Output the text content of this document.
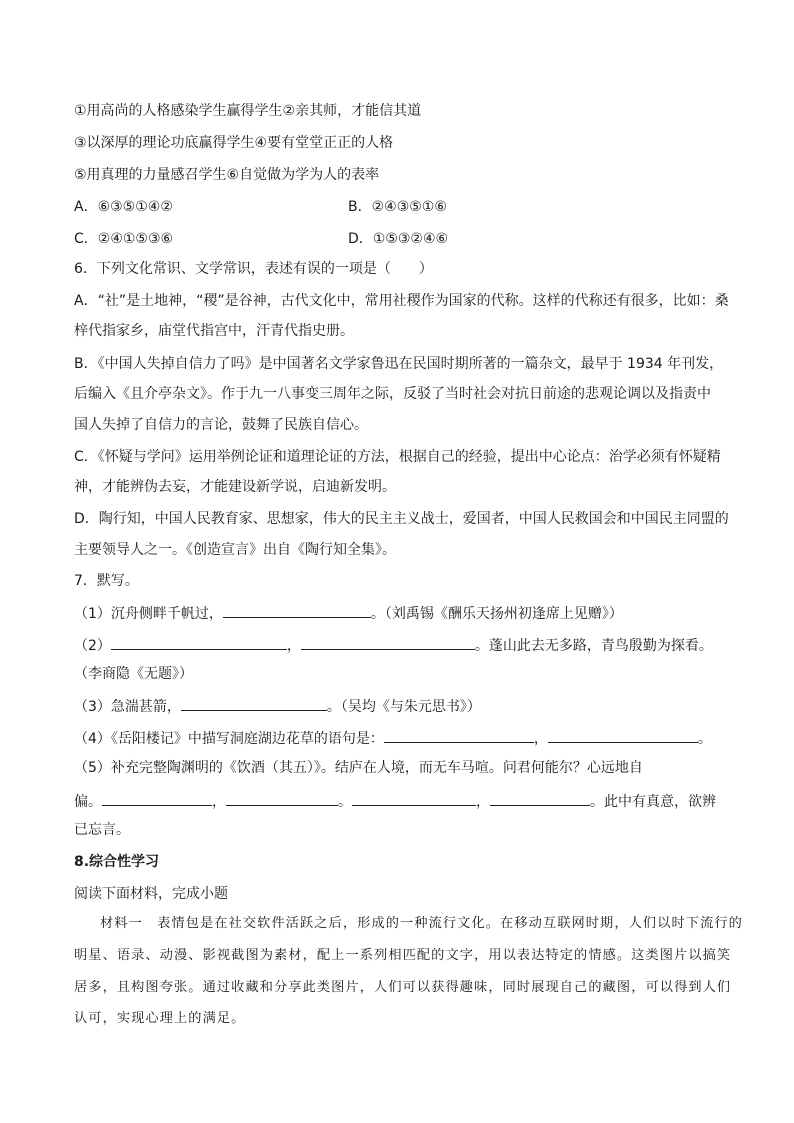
①用高尚的人格感染学生赢得学生②亲其师，才能信其道
③以深厚的理论功底赢得学生④要有堂堂正正的人格
⑤用真理的力量感召学生⑥自觉做为学为人的表率
A．⑥③⑤①④②	B．②④③⑤①⑥
C．②④①⑤③⑥	D．①⑤③②④⑥
6．下列文化常识、文学常识，表述有误的一项是（　　）
A．“社”是土地神，“稷”是谷神，古代文化中，常用社稷作为国家的代称。这样的代称还有很多，比如：桑
梓代指家乡，庙堂代指宫中，汗青代指史册。
B．《中国人失掉自信力了吗》是中国著名文学家鲁迅在民国时期所著的一篇杂文，最早于 1934 年刊发，
后编入《且介亭杂文》。作于九一八事变三周年之际，反驳了当时社会对抗日前途的悲观论调以及指责中
国人失掉了自信力的言论，鼓舞了民族自信心。
C．《怀疑与学问》运用举例论证和道理论证的方法，根据自己的经验，提出中心论点：治学必须有怀疑精
神，才能辨伪去妄，才能建设新学说，启迪新发明。
D．陶行知，中国人民教育家、思想家，伟大的民主主义战士，爱国者，中国人民救国会和中国民主同盟的
主要领导人之一。《创造宣言》出自《陶行知全集》。
7．默写。
（1）沉舟侧畔千帆过，	。（刘禹锡《酬乐天扬州初逢席上见赠》）
（2）	，	。蓬山此去无多路，青鸟殷勤为探看。
（李商隐《无题》）
（3）急湍甚箭，	。（吴均《与朱元思书》）
（4）《岳阳楼记》中描写洞庭湖边花草的语句是：	，	。
（5）补充完整陶渊明的《饮酒（其五）》。结庐在人境，而无车马喧。问君何能尔？心远地自
偏。	，	。	，	。此中有真意，欲辨
已忘言。
8.综合性学习
阅读下面材料，完成小题
材料一　表情包是在社交软件活跃之后，形成的一种流行文化。在移动互联网时期，人们以时下流行的
明星、语录、动漫、影视截图为素材，配上一系列相匹配的文字，用以表达特定的情感。这类图片以搞笑
居多，且构图夸张。通过收藏和分享此类图片，人们可以获得趣味，同时展现自己的藏图，可以得到人们
认可，实现心理上的满足。
